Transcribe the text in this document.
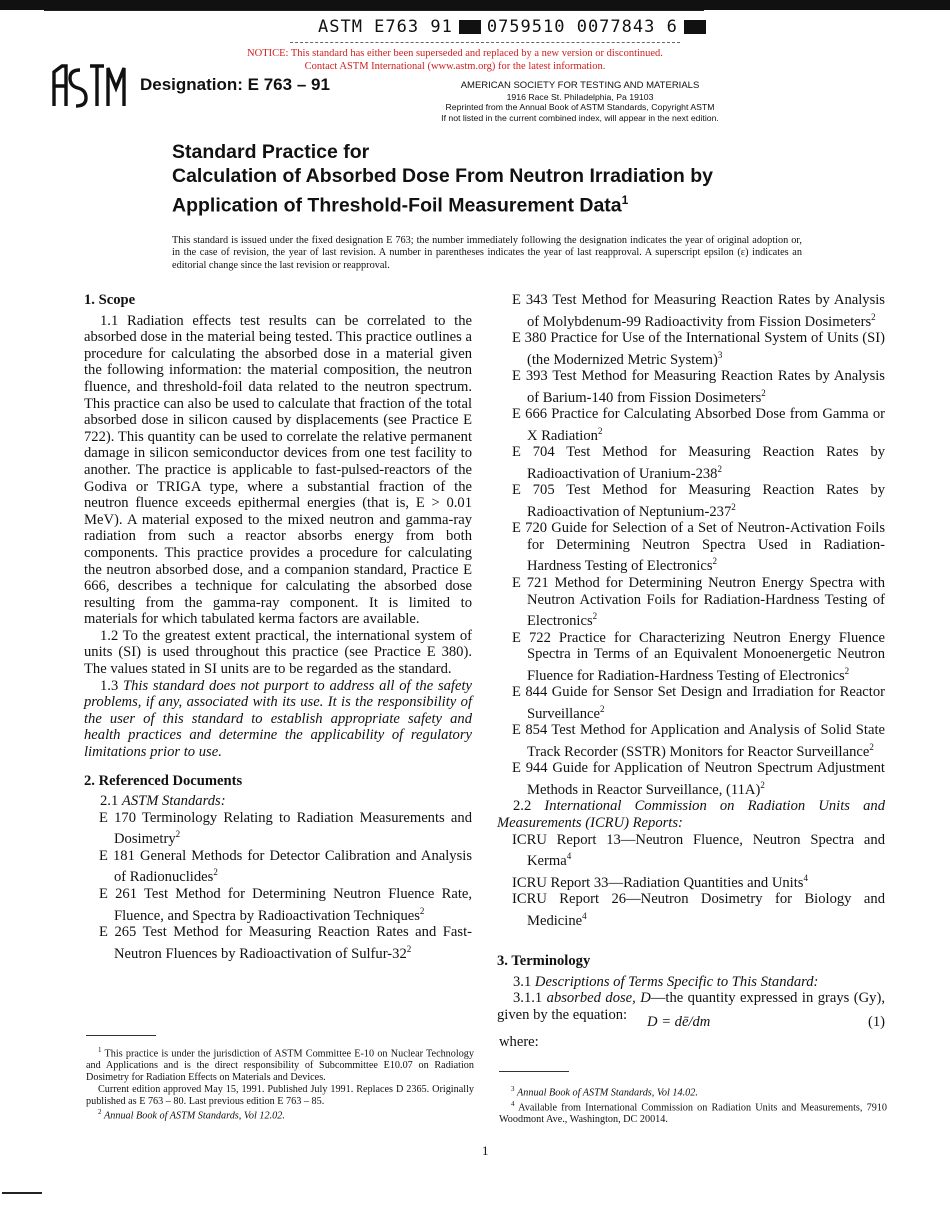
ASTM E763 91 0759510 0077843 6
NOTICE: This standard has either been superseded and replaced by a new version or discontinued.
Contact ASTM International (www.astm.org) for the latest information.
Designation: E 763 – 91	AMERICAN SOCIETY FOR TESTING AND MATERIALS
1916 Race St. Philadelphia, Pa 19103
Reprinted from the Annual Book of ASTM Standards, Copyright ASTM
If not listed in the current combined index, will appear in the next edition.
Standard Practice for
Calculation of Absorbed Dose From Neutron Irradiation by
Application of Threshold-Foil Measurement Data$^1$
This standard is issued under the fixed designation E 763; the number immediately following the designation indicates the year of original adoption or, in the case of revision, the year of last revision. A number in parentheses indicates the year of last reapproval. A superscript epsilon (ε) indicates an editorial change since the last revision or reapproval.
1. Scope

1.1 Radiation effects test results can be correlated to the absorbed dose in the material being tested. This practice outlines a procedure for calculating the absorbed dose in a material given the following information: the material composition, the neutron fluence, and threshold-foil data related to the neutron spectrum. This practice can also be used to calculate that fraction of the total absorbed dose in silicon caused by displacements (see Practice E 722). This quantity can be used to correlate the relative permanent damage in silicon semiconductor devices from one test facility to another. The practice is applicable to fast-pulsed-reactors of the Godiva or TRIGA type, where a substantial fraction of the neutron fluence exceeds epithermal energies (that is, E > 0.01 MeV). A material exposed to the mixed neutron and gamma-ray radiation from such a reactor absorbs energy from both components. This practice provides a procedure for calculating the neutron absorbed dose, and a companion standard, Practice E 666, describes a technique for calculating the absorbed dose resulting from the gamma-ray component. It is limited to materials for which tabulated kerma factors are available.

1.2 To the greatest extent practical, the international system of units (SI) is used throughout this practice (see Practice E 380). The values stated in SI units are to be regarded as the standard.

1.3 This standard does not purport to address all of the safety problems, if any, associated with its use. It is the responsibility of the user of this standard to establish appropriate safety and health practices and determine the applicability of regulatory limitations prior to use.

2. Referenced Documents

2.1 ASTM Standards:

E 170 Terminology Relating to Radiation Measurements and Dosimetry$^2$

E 181 General Methods for Detector Calibration and Analysis of Radionuclides$^2$

E 261 Test Method for Determining Neutron Fluence Rate, Fluence, and Spectra by Radioactivation Techniques$^2$

E 265 Test Method for Measuring Reaction Rates and Fast-Neutron Fluences by Radioactivation of Sulfur-$32^2$

E 343 Test Method for Measuring Reaction Rates by Analysis of Molybdenum-99 Radioactivity from Fission Dosimeters$^2$

E 380 Practice for Use of the International System of Units (SI) (the Modernized Metric System)$^3$

E 393 Test Method for Measuring Reaction Rates by Analysis of Barium-140 from Fission Dosimeters$^2$

E 666 Practice for Calculating Absorbed Dose from Gamma or X Radiation$^2$

E 704 Test Method for Measuring Reaction Rates by Radioactivation of Uranium-$238^2$

E 705 Test Method for Measuring Reaction Rates by Radioactivation of Neptunium-$237^2$

E 720 Guide for Selection of a Set of Neutron-Activation Foils for Determining Neutron Spectra Used in Radiation-Hardness Testing of Electronics$^2$

E 721 Method for Determining Neutron Energy Spectra with Neutron Activation Foils for Radiation-Hardness Testing of Electronics$^2$

E 722 Practice for Characterizing Neutron Energy Fluence Spectra in Terms of an Equivalent Monoenergetic Neutron Fluence for Radiation-Hardness Testing of Electronics$^2$

E 844 Guide for Sensor Set Design and Irradiation for Reactor Surveillance$^2$

E 854 Test Method for Application and Analysis of Solid State Track Recorder (SSTR) Monitors for Reactor Surveillance$^2$

E 944 Guide for Application of Neutron Spectrum Adjustment Methods in Reactor Surveillance, $(11A)^2$

2.2 International Commission on Radiation Units and Measurements (ICRU) Reports:

ICRU Report 13—Neutron Fluence, Neutron Spectra and Kerma$^4$

ICRU Report 33—Radiation Quantities and Units$^4$

ICRU Report 26—Neutron Dosimetry for Biology and Medicine$^4$

3. Terminology

3.1 Descriptions of Terms Specific to This Standard:

3.1.1 absorbed dose, D—the quantity expressed in grays (Gy), given by the equation:	D = dē/dm	(1)
where:

$^1$ This practice is under the jurisdiction of ASTM Committee E-10 on Nuclear Technology and Applications and is the direct responsibility of Subcommittee E10.07 on Radiation Dosimetry for Radiation Effects on Materials and Devices.

Current edition approved May 15, 1991. Published July 1991. Replaces D 2365. Originally published as E 763 – 80. Last previous edition E 763 – 85.

$^2$ Annual Book of ASTM Standards, Vol 12.02.

$^3$ Annual Book of ASTM Standards, Vol 14.02.

$^4$ Available from International Commission on Radiation Units and Measurements, 7910 Woodmont Ave., Washington, DC 20014.

1
